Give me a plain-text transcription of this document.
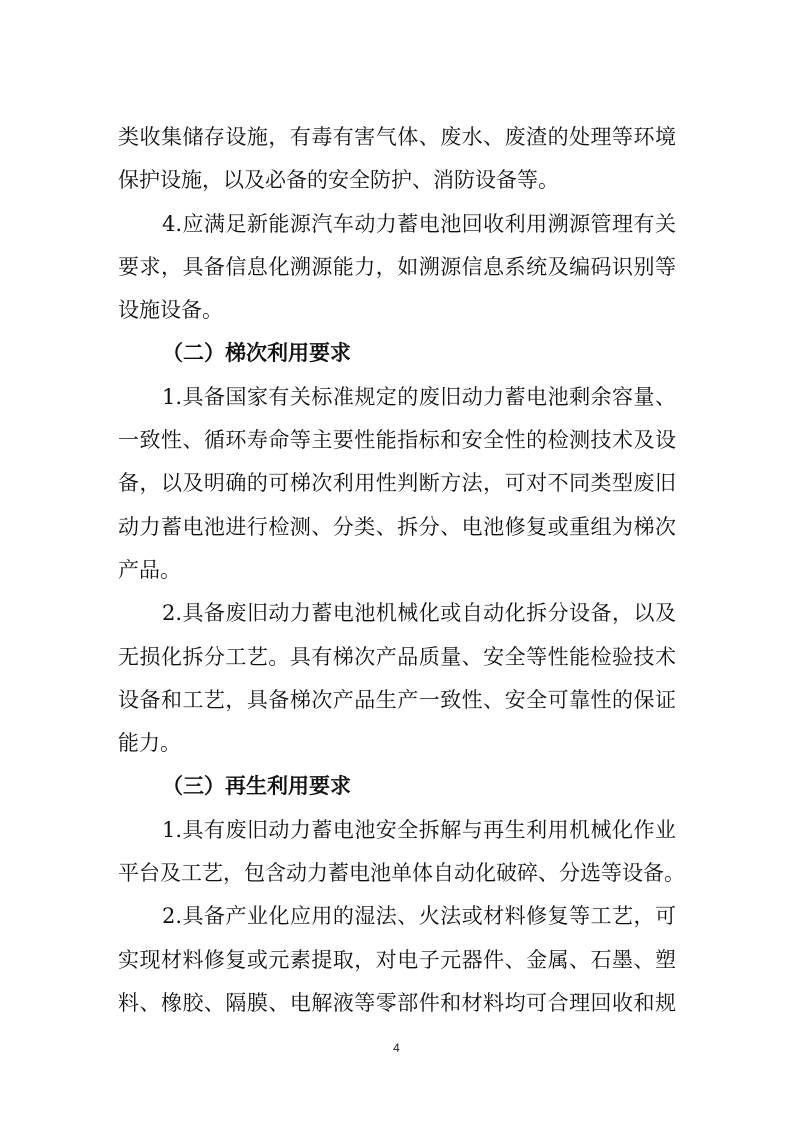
类收集储存设施，有毒有害气体、废水、废渣的处理等环境
保护设施，以及必备的安全防护、消防设备等。
4.应满足新能源汽车动力蓄电池回收利用溯源管理有关
要求，具备信息化溯源能力，如溯源信息系统及编码识别等
设施设备。
（二）梯次利用要求
1.具备国家有关标准规定的废旧动力蓄电池剩余容量、
一致性、循环寿命等主要性能指标和安全性的检测技术及设
备，以及明确的可梯次利用性判断方法，可对不同类型废旧
动力蓄电池进行检测、分类、拆分、电池修复或重组为梯次
产品。
2.具备废旧动力蓄电池机械化或自动化拆分设备，以及
无损化拆分工艺。具有梯次产品质量、安全等性能检验技术
设备和工艺，具备梯次产品生产一致性、安全可靠性的保证
能力。
（三）再生利用要求
1.具有废旧动力蓄电池安全拆解与再生利用机械化作业
平台及工艺，包含动力蓄电池单体自动化破碎、分选等设备。
2.具备产业化应用的湿法、火法或材料修复等工艺，可
实现材料修复或元素提取，对电子元器件、金属、石墨、塑
料、橡胶、隔膜、电解液等零部件和材料均可合理回收和规
4
